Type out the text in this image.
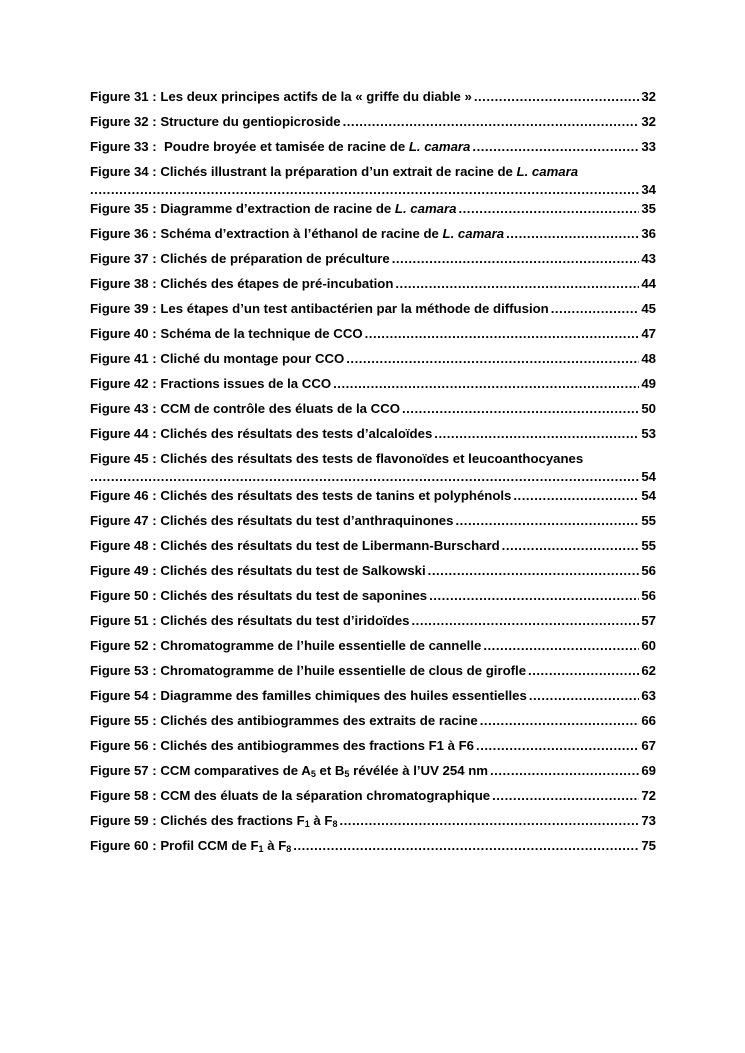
Figure 31 : Les deux principes actifs de la « griffe du diable » .....	32
Figure 32 : Structure du gentiopicroside .....	32
Figure 33 :  Poudre broyée et tamisée de racine de L. camara .....	33
Figure 34 : Clichés illustrant la préparation d’un extrait de racine de L. camara
.....
34
Figure 35 : Diagramme d’extraction de racine de L. camara .....	35
Figure 36 : Schéma d’extraction à l’éthanol de racine de L. camara .....	36
Figure 37 : Clichés de préparation de préculture .....	43
Figure 38 : Clichés des étapes de pré-incubation .....	44
Figure 39 : Les étapes d’un test antibactérien par la méthode de diffusion .....	45
Figure 40 : Schéma de la technique de CCO .....	47
Figure 41 : Cliché du montage pour CCO .....	48
Figure 42 : Fractions issues de la CCO .....	49
Figure 43 : CCM de contrôle des éluats de la CCO .....	50
Figure 44 : Clichés des résultats des tests d’alcaloïdes .....	53
Figure 45 : Clichés des résultats des tests de flavonoïdes et leucoanthocyanes
.....
54
Figure 46 : Clichés des résultats des tests de tanins et polyphénols .....	54
Figure 47 : Clichés des résultats du test d’anthraquinones .....	55
Figure 48 : Clichés des résultats du test de Libermann-Burschard .....	55
Figure 49 : Clichés des résultats du test de Salkowski .....	56
Figure 50 : Clichés des résultats du test de saponines .....	56
Figure 51 : Clichés des résultats du test d’iridoïdes .....	57
Figure 52 : Chromatogramme de l’huile essentielle de cannelle .....	60
Figure 53 : Chromatogramme de l’huile essentielle de clous de girofle .....	62
Figure 54 : Diagramme des familles chimiques des huiles essentielles .....	63
Figure 55 : Clichés des antibiogrammes des extraits de racine .....	66
Figure 56 : Clichés des antibiogrammes des fractions F1 à F6 .....	67
Figure 57 : CCM comparatives de $A_5$ et $B_5$ révélée à l’UV 254 nm .....	69
Figure 58 : CCM des éluats de la séparation chromatographique .....	72
Figure 59 : Clichés des fractions $F_1$ à $F_8$ .....	73
Figure 60 : Profil CCM de $F_1$ à $F_8$ .....	75
